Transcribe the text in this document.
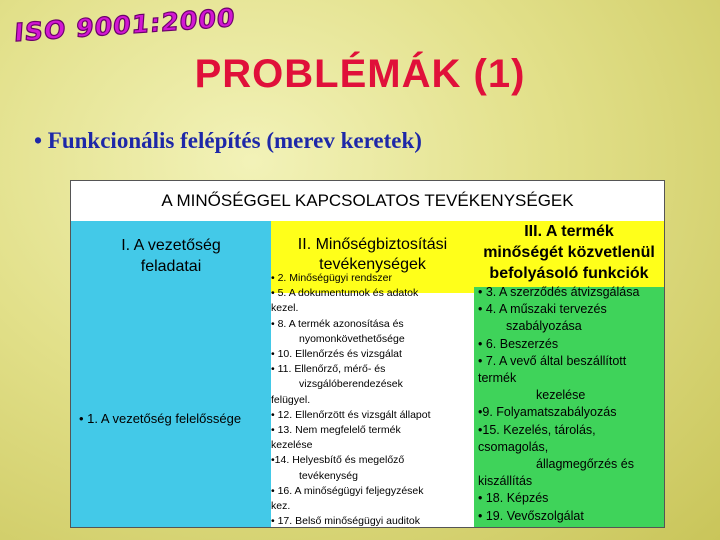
ISO 9001:2000
PROBLÉMÁK (1)
• Funkcionális felépítés (merev keretek)
A MINŐSÉGGEL KAPCSOLATOS TEVÉKENYSÉGEK
I. A vezetőség
feladatai
• 1. A vezetőség felelőssége
II. Minőségbiztosítási
tevékenységek
• 2. Minőségügyi rendszer
• 5. A dokumentumok és adatok
kezel.
• 8. A termék azonosítása és
nyomonkövethetősége
• 10. Ellenőrzés és vizsgálat
• 11. Ellenőrző, mérő- és
vizsgálóberendezések
felügyel.
• 12. Ellenőrzött és vizsgált állapot
• 13. Nem megfelelő termék
kezelése
•14. Helyesbítő és megelőző
tevékenység
• 16. A minőségügyi feljegyzések
kez.
• 17. Belső minőségügyi auditok
III. A termék
minőségét közvetlenül
befolyásoló funkciók
• 3. A szerződés átvizsgálása
• 4. A műszaki tervezés
szabályozása
• 6. Beszerzés
• 7. A vevő által beszállított
termék
kezelése
•9. Folyamatszabályozás
•15. Kezelés, tárolás,
csomagolás,
állagmegőrzés és
kiszállítás
• 18. Képzés
• 19. Vevőszolgálat
